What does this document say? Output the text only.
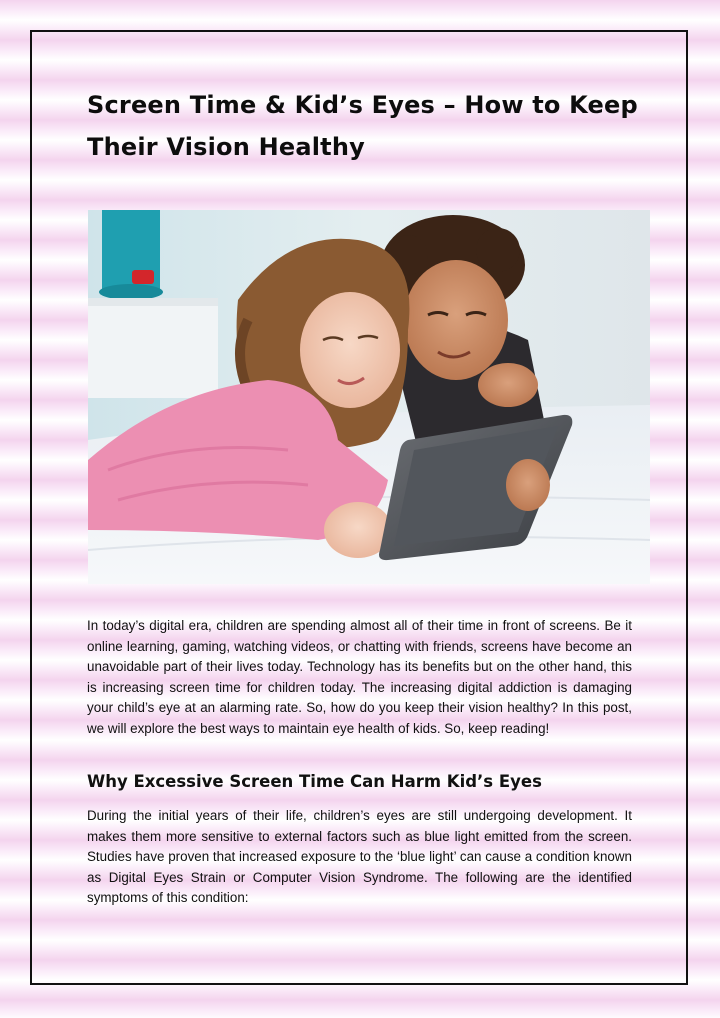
Screen Time & Kid’s Eyes – How to Keep Their Vision Healthy

In today’s digital era, children are spending almost all of their time in front of screens. Be it online learning, gaming, watching videos, or chatting with friends, screens have become an unavoidable part of their lives today. Technology has its benefits but on the other hand, this is increasing screen time for children today. The increasing digital addiction is damaging your child’s eye at an alarming rate. So, how do you keep their vision healthy? In this post, we will explore the best ways to maintain eye health of kids. So, keep reading!

Why Excessive Screen Time Can Harm Kid’s Eyes

During the initial years of their life, children’s eyes are still undergoing development. It makes them more sensitive to external factors such as blue light emitted from the screen. Studies have proven that increased exposure to the ‘blue light’ can cause a condition known as Digital Eyes Strain or Computer Vision Syndrome. The following are the identified symptoms of this condition:
